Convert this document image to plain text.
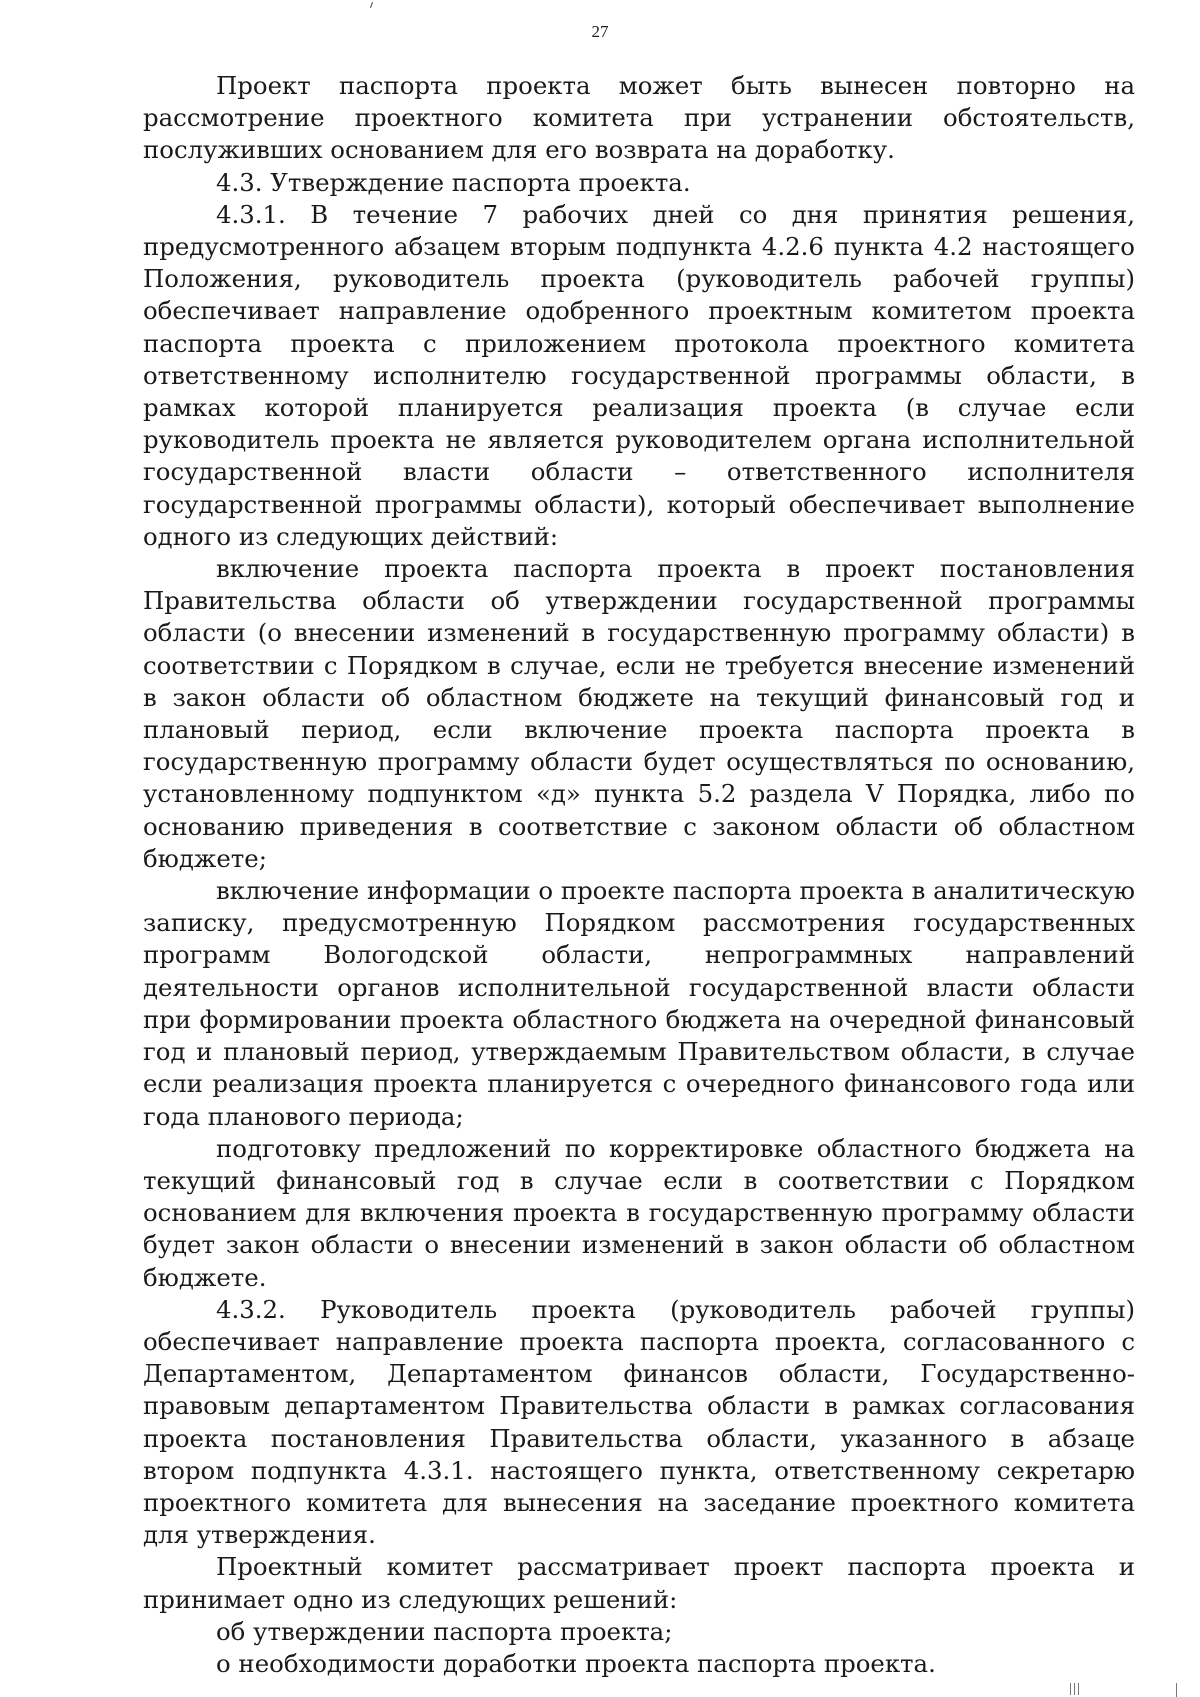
27

Проект паспорта проекта может быть вынесен повторно на рассмотрение проектного комитета при устранении обстоятельств, послуживших основанием для его возврата на доработку.

4.3. Утверждение паспорта проекта.

4.3.1. В течение 7 рабочих дней со дня принятия решения, предусмотренного абзацем вторым подпункта 4.2.6 пункта 4.2 настоящего Положения, руководитель проекта (руководитель рабочей группы) обеспечивает направление одобренного проектным комитетом проекта паспорта проекта с приложением протокола проектного комитета ответственному исполнителю государственной программы области, в рамках которой планируется реализация проекта (в случае если руководитель проекта не является руководителем органа исполнительной государственной власти области – ответственного исполнителя государственной программы области), который обеспечивает выполнение одного из следующих действий:

включение проекта паспорта проекта в проект постановления Правительства области об утверждении государственной программы области (о внесении изменений в государственную программу области) в соответствии с Порядком в случае, если не требуется внесение изменений в закон области об областном бюджете на текущий финансовый год и плановый период, если включение проекта паспорта проекта в государственную программу области будет осуществляться по основанию, установленному подпунктом «д» пункта 5.2 раздела V Порядка, либо по основанию приведения в соответствие с законом области об областном бюджете;

включение информации о проекте паспорта проекта в аналитическую записку, предусмотренную Порядком рассмотрения государственных программ Вологодской области, непрограммных направлений деятельности органов исполнительной государственной власти области при формировании проекта областного бюджета на очередной финансовый год и плановый период, утверждаемым Правительством области, в случае если реализация проекта планируется с очередного финансового года или года планового периода;

подготовку предложений по корректировке областного бюджета на текущий финансовый год в случае если в соответствии с Порядком основанием для включения проекта в государственную программу области будет закон области о внесении изменений в закон области об областном бюджете.

4.3.2. Руководитель проекта (руководитель рабочей группы) обеспечивает направление проекта паспорта проекта, согласованного с Департаментом, Департаментом финансов области, Государственно-правовым департаментом Правительства области в рамках согласования проекта постановления Правительства области, указанного в абзаце втором подпункта 4.3.1. настоящего пункта, ответственному секретарю проектного комитета для вынесения на заседание проектного комитета для утверждения.

Проектный комитет рассматривает проект паспорта проекта и принимает одно из следующих решений:

об утверждении паспорта проекта;

о необходимости доработки проекта паспорта проекта.
